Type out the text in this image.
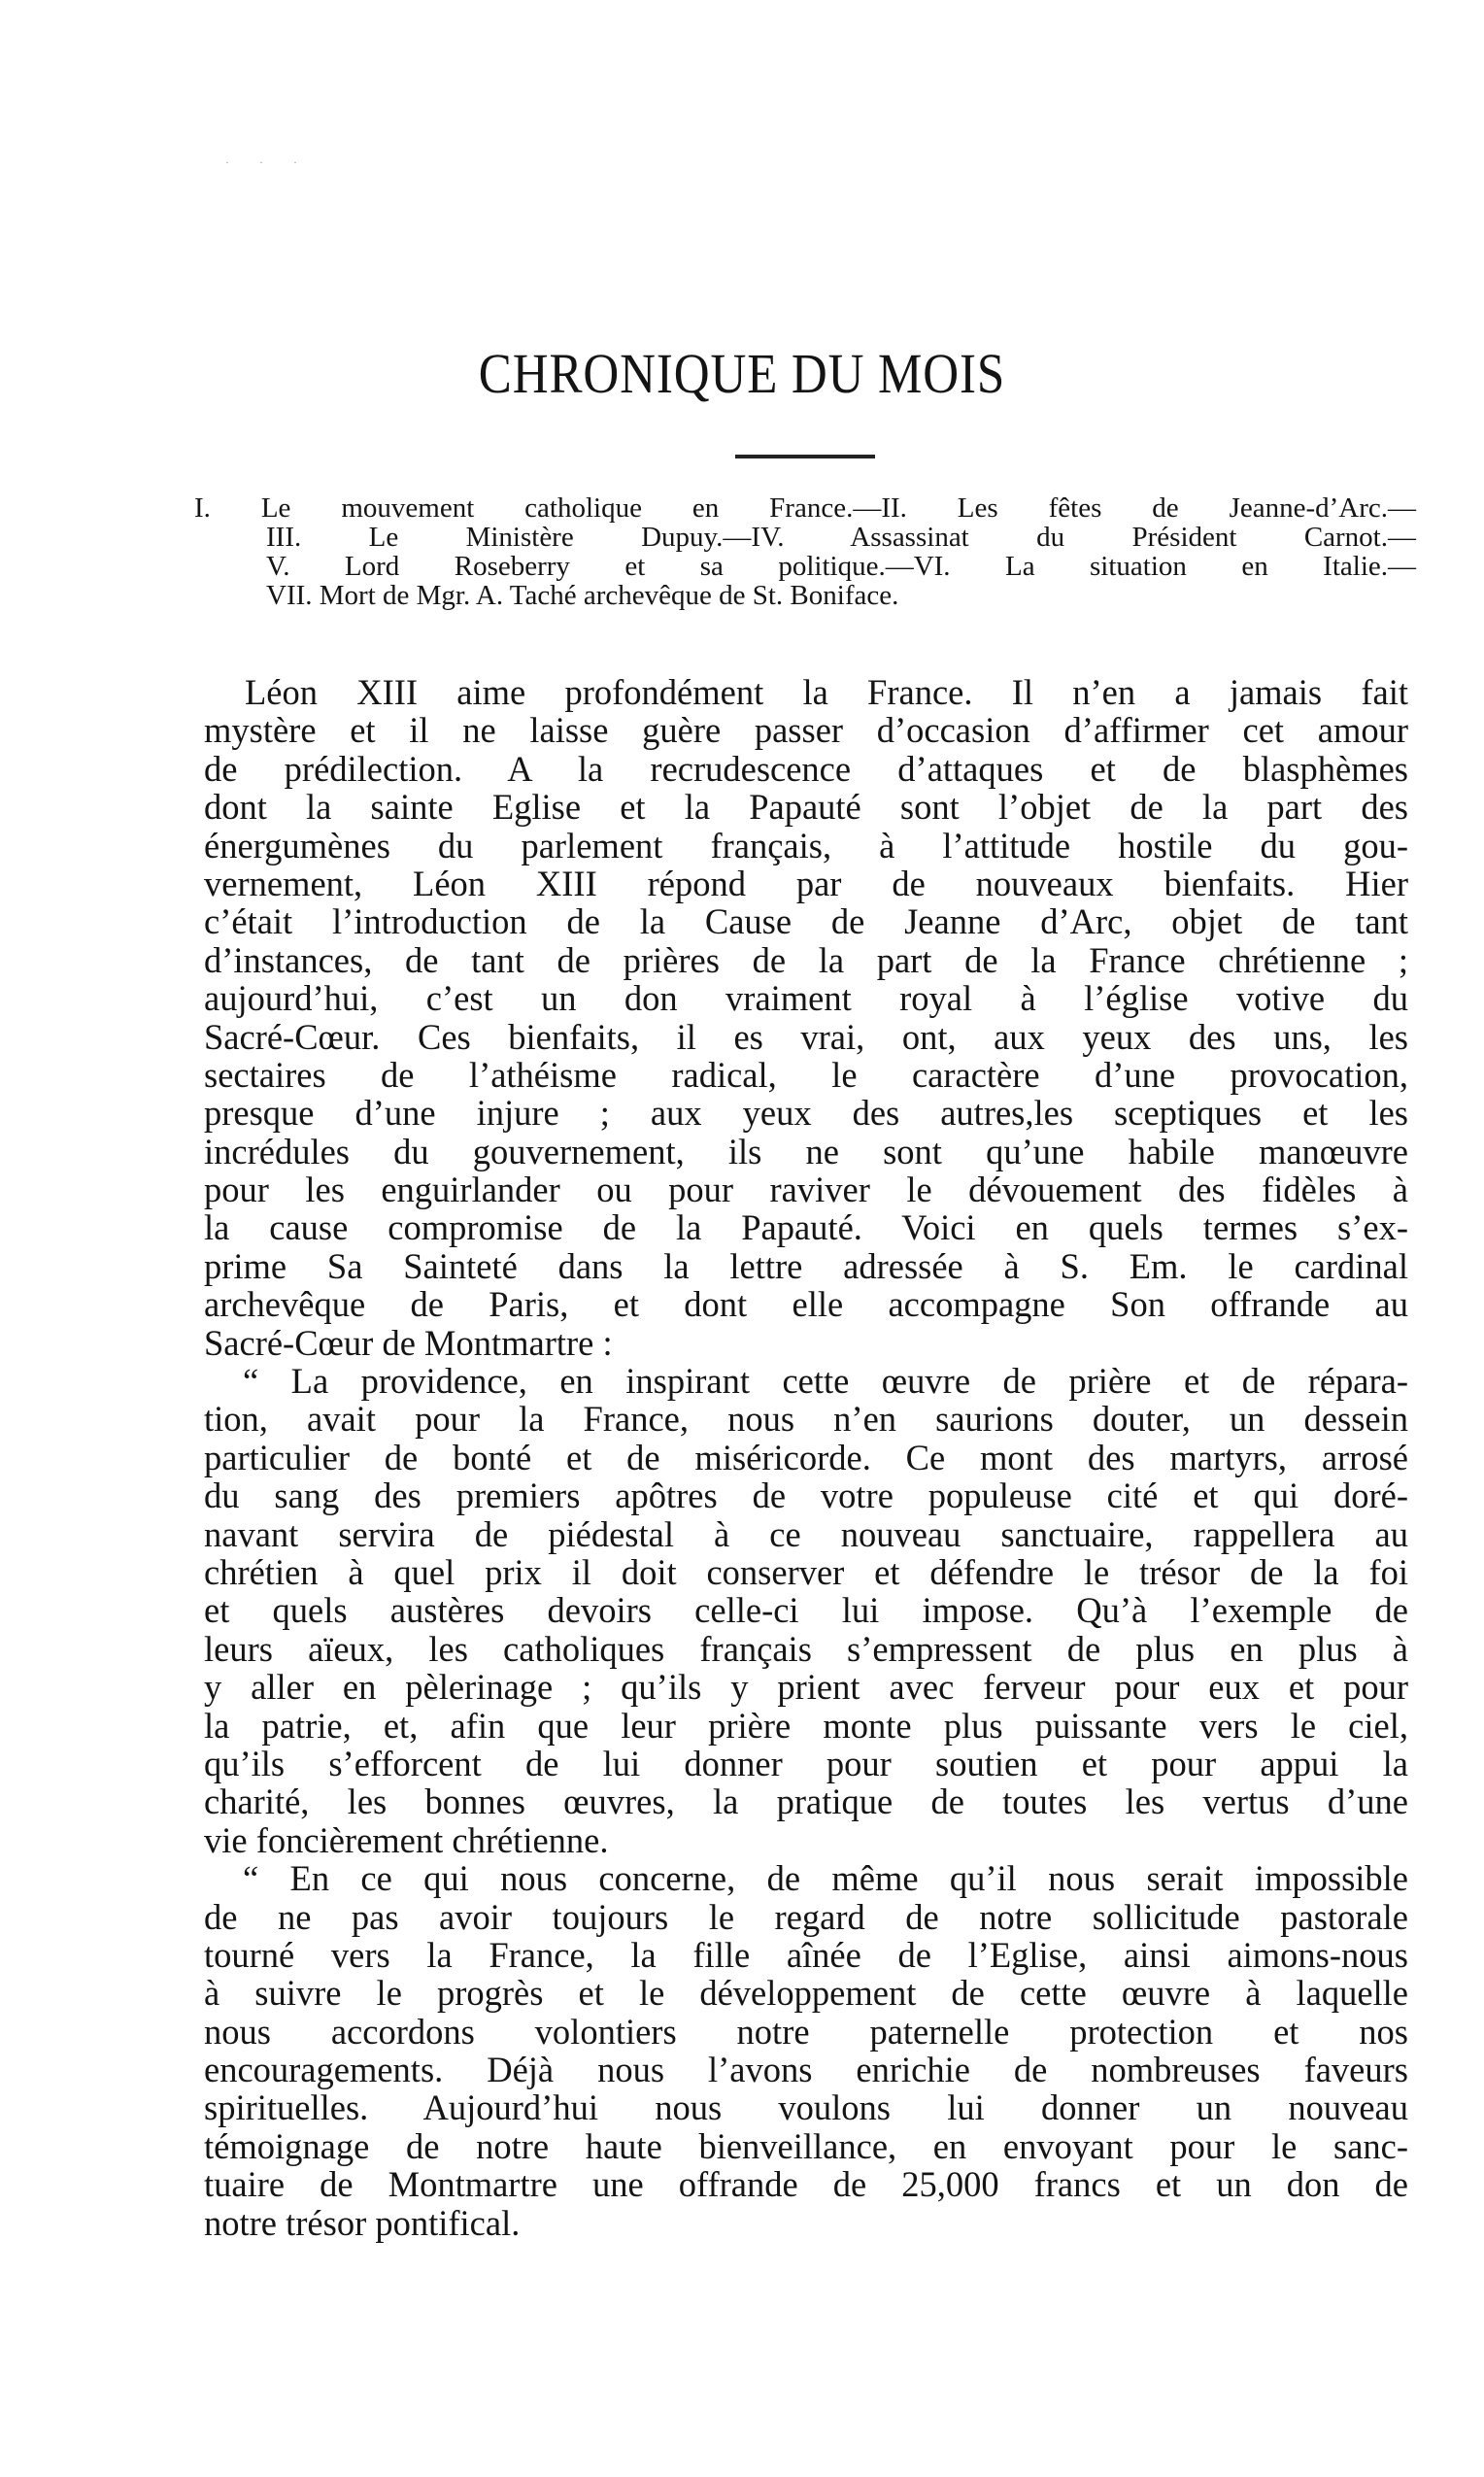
· · ·
CHRONIQUE DU MOIS
I. Le mouvement catholique en France.—II. Les fêtes de Jeanne-d’Arc.—
III. Le Ministère Dupuy.—IV. Assassinat du Président Carnot.—
V. Lord Roseberry et sa politique.—VI. La situation en Italie.—
VII. Mort de Mgr. A. Taché archevêque de St. Boniface.
Léon XIII aime profondément la France. Il n’en a jamais fait
mystère et il ne laisse guère passer d’occasion d’affirmer cet amour
de prédilection. A la recrudescence d’attaques et de blasphèmes
dont la sainte Eglise et la Papauté sont l’objet de la part des
énergumènes du parlement français, à l’attitude hostile du gou-
vernement, Léon XIII répond par de nouveaux bienfaits. Hier
c’était l’introduction de la Cause de Jeanne d’Arc, objet de tant
d’instances, de tant de prières de la part de la France chrétienne ;
aujourd’hui, c’est un don vraiment royal à l’église votive du
Sacré-Cœur. Ces bienfaits, il es vrai, ont, aux yeux des uns, les
sectaires de l’athéisme radical, le caractère d’une provocation,
presque d’une injure ; aux yeux des autres,les sceptiques et les
incrédules du gouvernement, ils ne sont qu’une habile manœuvre
pour les enguirlander ou pour raviver le dévouement des fidèles à
la cause compromise de la Papauté. Voici en quels termes s’ex-
prime Sa Sainteté dans la lettre adressée à S. Em. le cardinal
archevêque de Paris, et dont elle accompagne Son offrande au
Sacré-Cœur de Montmartre :
“ La providence, en inspirant cette œuvre de prière et de répara-
tion, avait pour la France, nous n’en saurions douter, un dessein
particulier de bonté et de miséricorde. Ce mont des martyrs, arrosé
du sang des premiers apôtres de votre populeuse cité et qui doré-
navant servira de piédestal à ce nouveau sanctuaire, rappellera au
chrétien à quel prix il doit conserver et défendre le trésor de la foi
et quels austères devoirs celle-ci lui impose. Qu’à l’exemple de
leurs aïeux, les catholiques français s’empressent de plus en plus à
y aller en pèlerinage ; qu’ils y prient avec ferveur pour eux et pour
la patrie, et, afin que leur prière monte plus puissante vers le ciel,
qu’ils s’efforcent de lui donner pour soutien et pour appui la
charité, les bonnes œuvres, la pratique de toutes les vertus d’une
vie foncièrement chrétienne.
“ En ce qui nous concerne, de même qu’il nous serait impossible
de ne pas avoir toujours le regard de notre sollicitude pastorale
tourné vers la France, la fille aînée de l’Eglise, ainsi aimons-nous
à suivre le progrès et le développement de cette œuvre à laquelle
nous accordons volontiers notre paternelle protection et nos
encouragements. Déjà nous l’avons enrichie de nombreuses faveurs
spirituelles. Aujourd’hui nous voulons lui donner un nouveau
témoignage de notre haute bienveillance, en envoyant pour le sanc-
tuaire de Montmartre une offrande de 25,000 francs et un don de
notre trésor pontifical.
